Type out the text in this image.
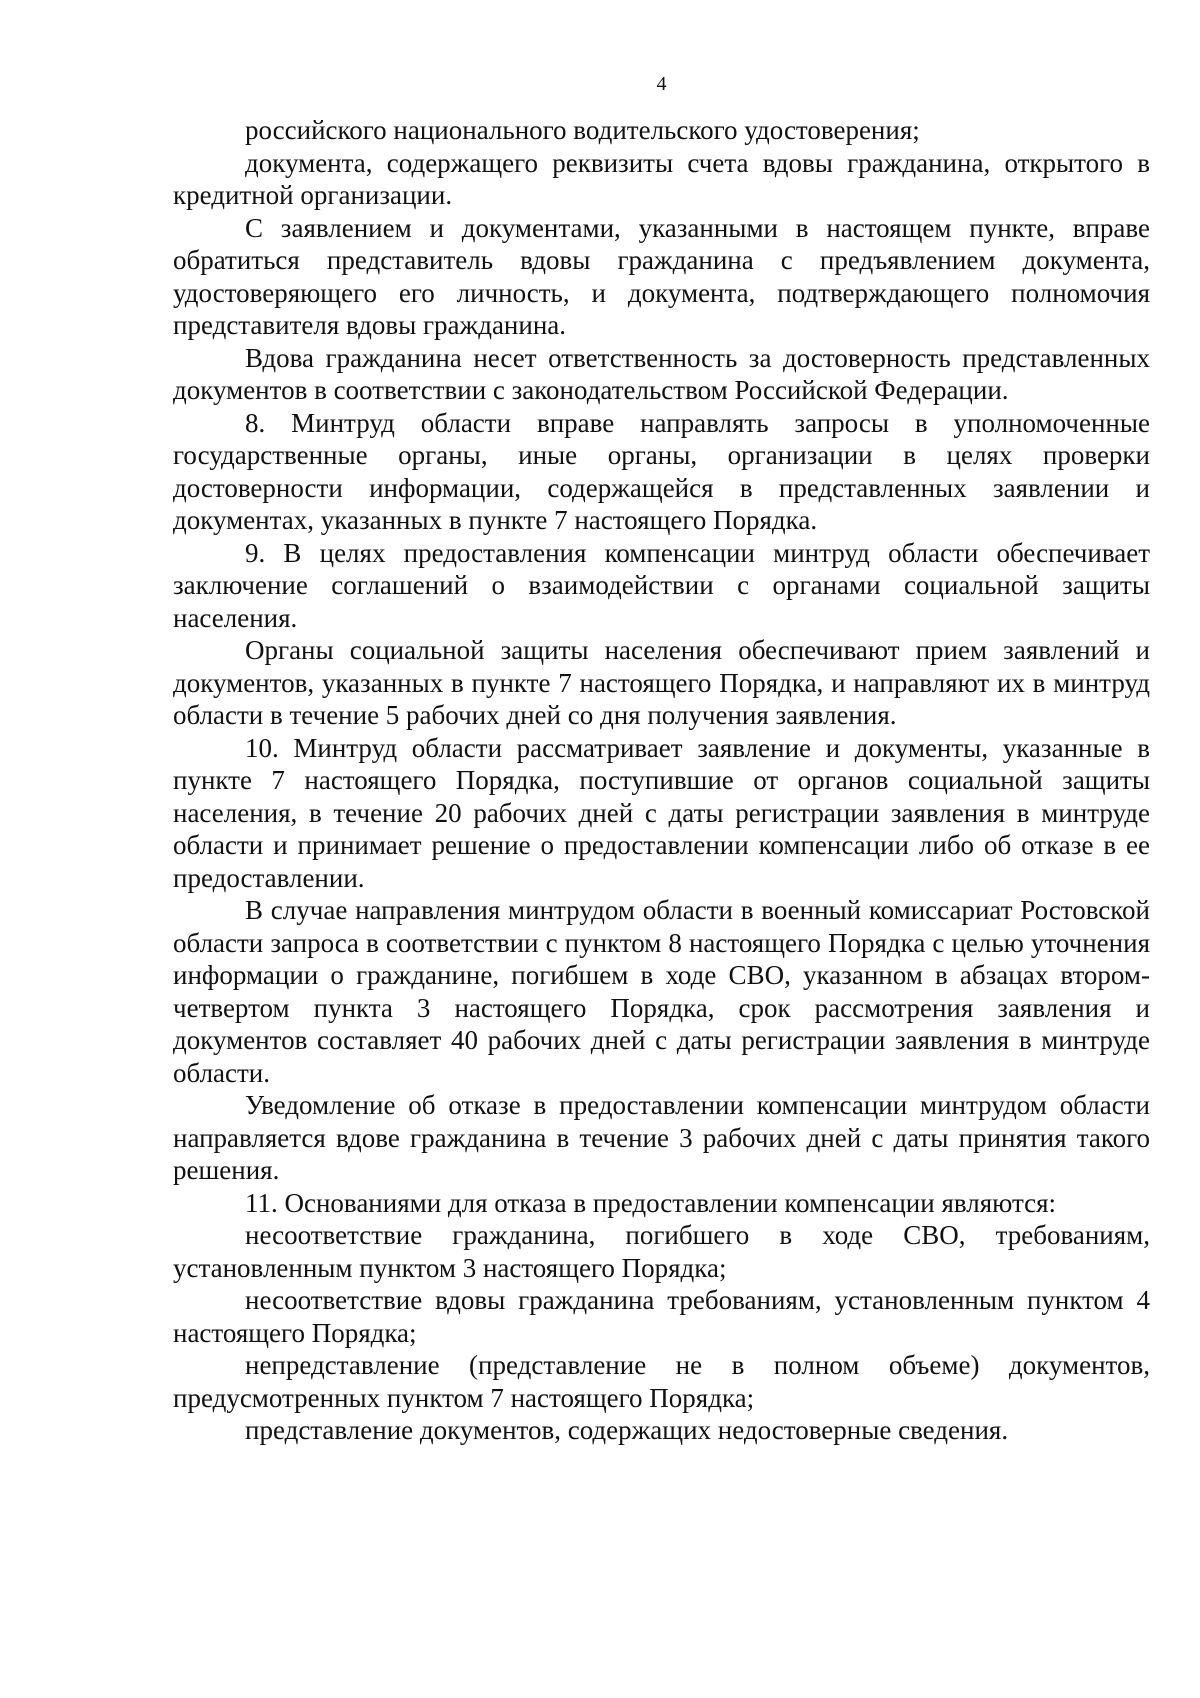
4

российского национального водительского удостоверения;

документа, содержащего реквизиты счета вдовы гражданина, открытого в кредитной организации.

С заявлением и документами, указанными в настоящем пункте, вправе обратиться представитель вдовы гражданина с предъявлением документа, удостоверяющего его личность, и документа, подтверждающего полномочия представителя вдовы гражданина.

Вдова гражданина несет ответственность за достоверность представленных документов в соответствии с законодательством Российской Федерации.

8. Минтруд области вправе направлять запросы в уполномоченные государственные органы, иные органы, организации в целях проверки достоверности информации, содержащейся в представленных заявлении и документах, указанных в пункте 7 настоящего Порядка.

9. В целях предоставления компенсации минтруд области обеспечивает заключение соглашений о взаимодействии с органами социальной защиты населения.

Органы социальной защиты населения обеспечивают прием заявлений и документов, указанных в пункте 7 настоящего Порядка, и направляют их в минтруд области в течение 5 рабочих дней со дня получения заявления.

10. Минтруд области рассматривает заявление и документы, указанные в пункте 7 настоящего Порядка, поступившие от органов социальной защиты населения, в течение 20 рабочих дней с даты регистрации заявления в минтруде области и принимает решение о предоставлении компенсации либо об отказе в ее предоставлении.

В случае направления минтрудом области в военный комиссариат Ростовской области запроса в соответствии с пунктом 8 настоящего Порядка с целью уточнения информации о гражданине, погибшем в ходе СВО, указанном в абзацах втором-четвертом пункта 3 настоящего Порядка, срок рассмотрения заявления и документов составляет 40 рабочих дней с даты регистрации заявления в минтруде области.

Уведомление об отказе в предоставлении компенсации минтрудом области направляется вдове гражданина в течение 3 рабочих дней с даты принятия такого решения.

11. Основаниями для отказа в предоставлении компенсации являются:

несоответствие гражданина, погибшего в ходе СВО, требованиям, установленным пунктом 3 настоящего Порядка;

несоответствие вдовы гражданина требованиям, установленным пунктом 4 настоящего Порядка;

непредставление (представление не в полном объеме) документов, предусмотренных пунктом 7 настоящего Порядка;

представление документов, содержащих недостоверные сведения.
